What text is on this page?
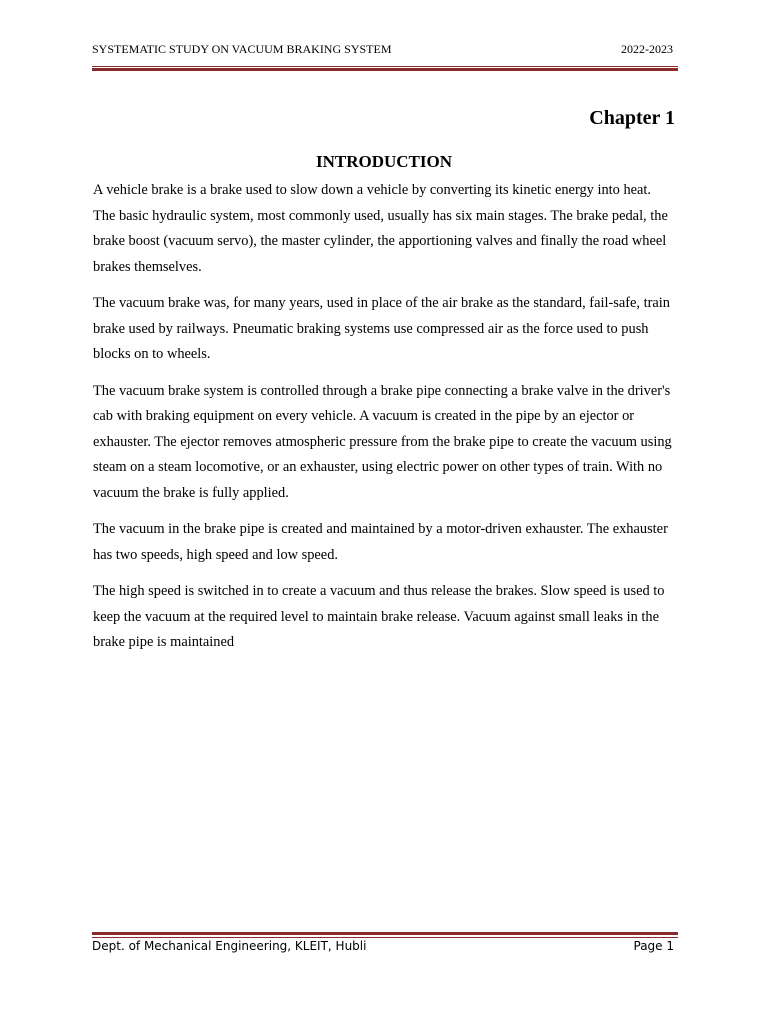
SYSTEMATIC STUDY ON VACUUM BRAKING SYSTEM	2022-2023
Chapter 1
INTRODUCTION

A vehicle brake is a brake used to slow down a vehicle by converting its kinetic energy into heat. The basic hydraulic system, most commonly used, usually has six main stages. The brake pedal, the brake boost (vacuum servo), the master cylinder, the apportioning valves and finally the road wheel brakes themselves.

The vacuum brake was, for many years, used in place of the air brake as the standard, fail-safe, train brake used by railways. Pneumatic braking systems use compressed air as the force used to push blocks on to wheels.

The vacuum brake system is controlled through a brake pipe connecting a brake valve in the driver's cab with braking equipment on every vehicle. A vacuum is created in the pipe by an ejector or exhauster. The ejector removes atmospheric pressure from the brake pipe to create the vacuum using steam on a steam locomotive, or an exhauster, using electric power on other types of train. With no vacuum the brake is fully applied.

The vacuum in the brake pipe is created and maintained by a motor-driven exhauster. The exhauster has two speeds, high speed and low speed.

The high speed is switched in to create a vacuum and thus release the brakes. Slow speed is used to keep the vacuum at the required level to maintain brake release. Vacuum against small leaks in the brake pipe is maintained

Dept. of Mechanical Engineering, KLEIT, Hubli	Page 1
